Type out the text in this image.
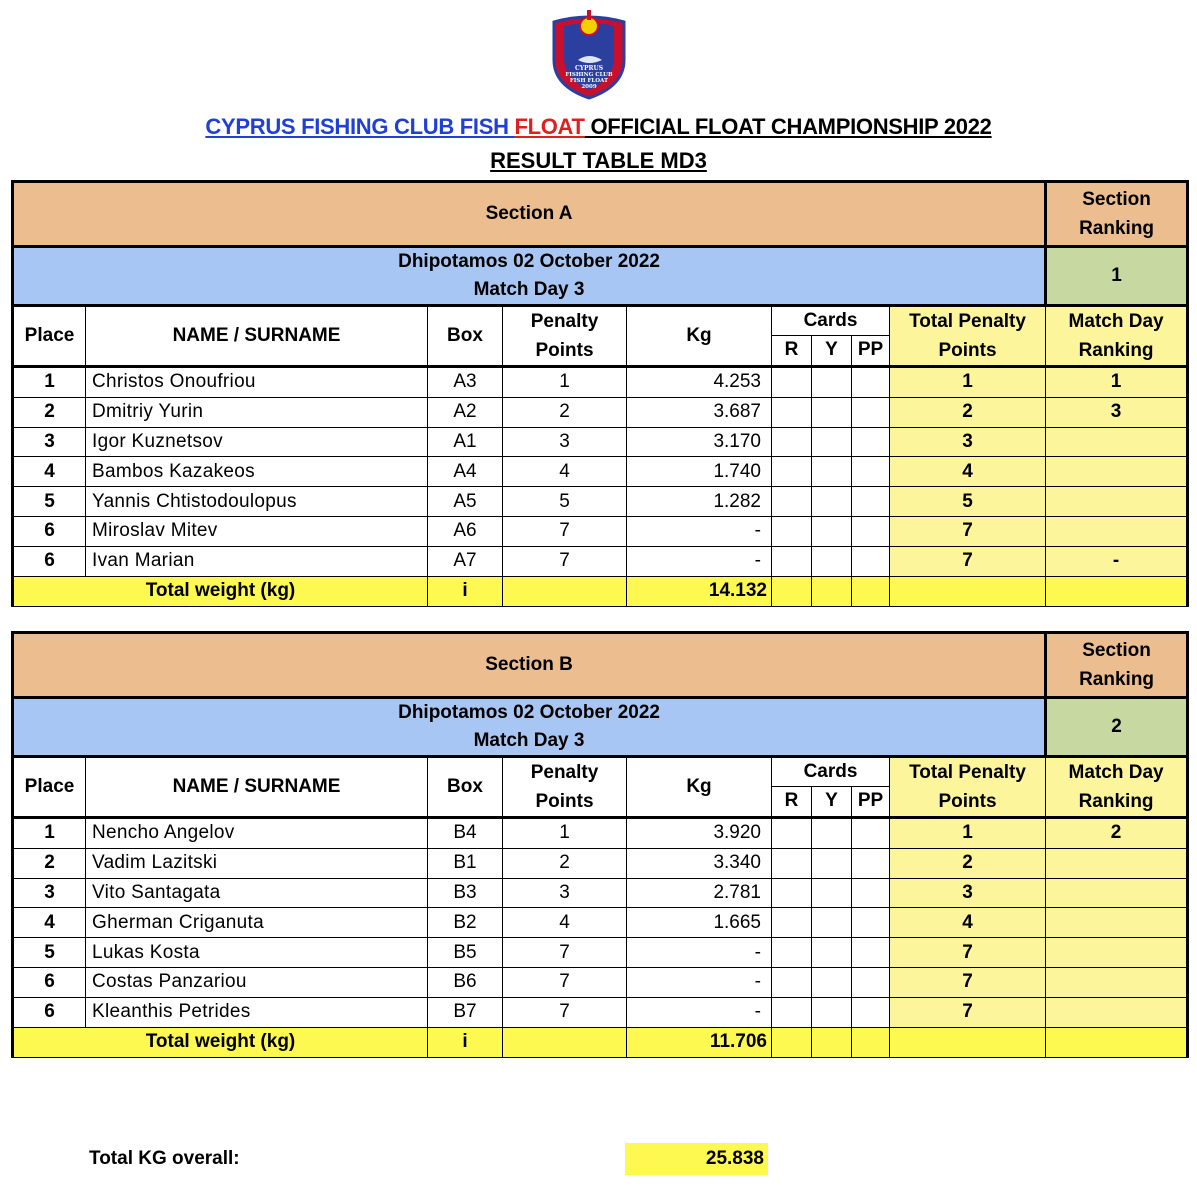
CYPRUS
FISHING CLUB
FISH FLOAT
2009
CYPRUS FISHING CLUB FISH FLOAT OFFICIAL FLOAT CHAMPIONSHIP 2022
RESULT TABLE MD3
Section A									Section Ranking

Dhipotamos 02 October 2022
Match Day 3									1
Place	NAME / SURNAME	Box	Penalty Points	Kg	Cards			Total Penalty Points	Match Day Ranking
					R	Y	PP		
1	Christos Onoufriou	A3	1	4.253				1	1
2	Dmitriy Yurin	A2	2	3.687				2	3
3	Igor Kuznetsov	A1	3	3.170				3	
4	Bambos Kazakeos	A4	4	1.740				4	
5	Yannis Chtistodoulopus	A5	5	1.282				5	
6	Miroslav Mitev	A6	7	-				7	
6	Ivan Marian	A7	7	-				7	-
Total weight (kg)		i		14.132					
Section B									Section Ranking

Dhipotamos 02 October 2022
Match Day 3									2
Place	NAME / SURNAME	Box	Penalty Points	Kg	Cards			Total Penalty Points	Match Day Ranking
					R	Y	PP		
1	Nencho Angelov	B4	1	3.920				1	2
2	Vadim Lazitski	B1	2	3.340				2	
3	Vito Santagata	B3	3	2.781				3	
4	Gherman Criganuta	B2	4	1.665				4	
5	Lukas Kosta	B5	7	-				7	
6	Costas Panzariou	B6	7	-				7	
6	Kleanthis Petrides	B7	7	-				7	
Total weight (kg)		i		11.706					
Total KG overall:	25.838
